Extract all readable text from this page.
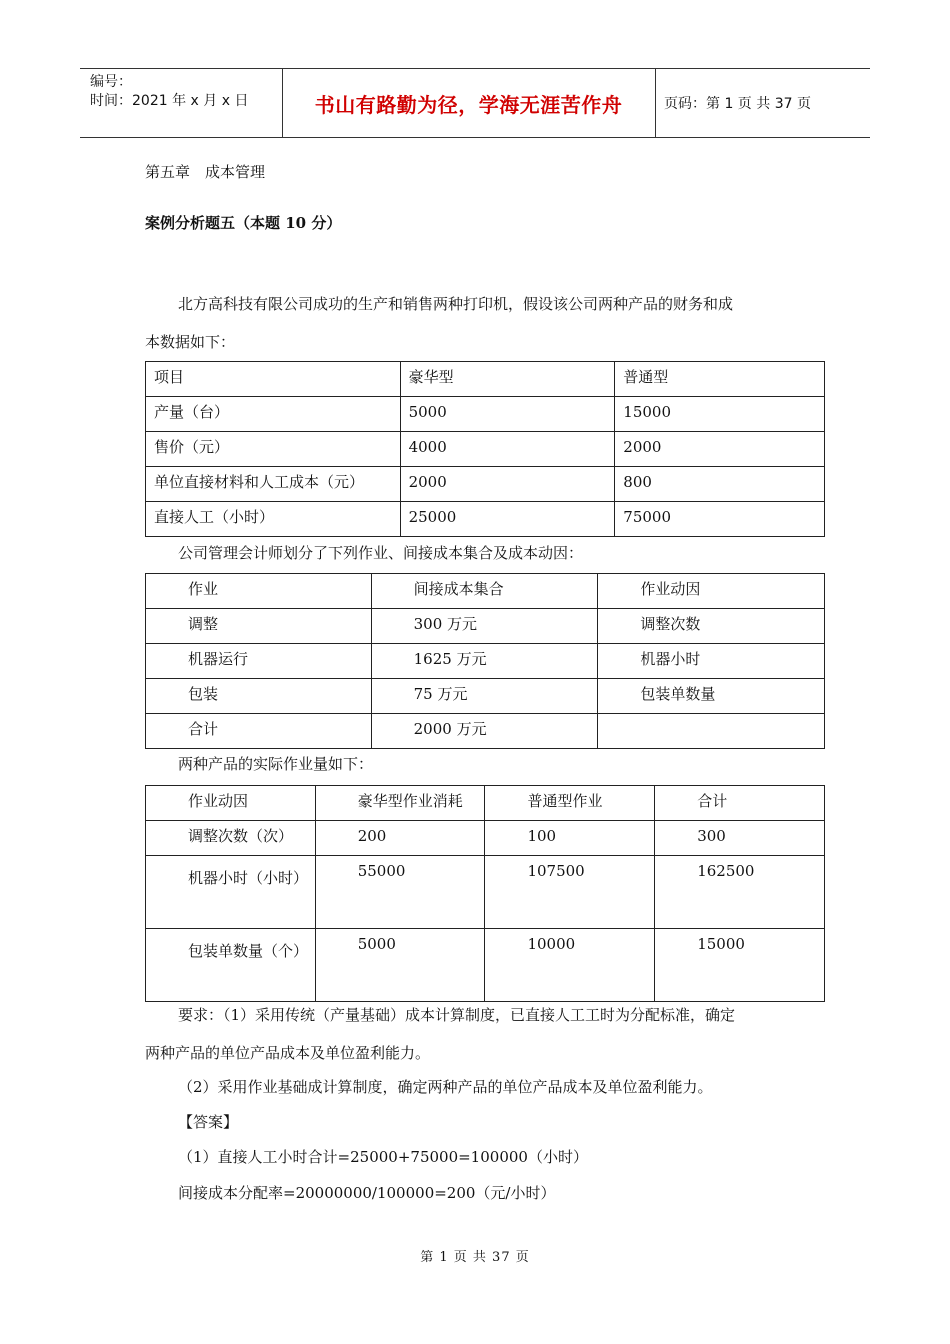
编号：
时间：2021 年 x 月 x 日	书山有路勤为径，学海无涯苦作舟	页码：第 1 页 共 37 页
第五章　成本管理
案例分析题五（本题 10 分）
北方高科技有限公司成功的生产和销售两种打印机，假设该公司两种产品的财务和成
本数据如下：
项目	豪华型	普通型
产量（台）	5000	15000
售价（元）	4000	2000
单位直接材料和人工成本（元）	2000	800
直接人工（小时）	25000	75000
公司管理会计师划分了下列作业、间接成本集合及成本动因：
作业	间接成本集合	作业动因
调整	300 万元	调整次数
机器运行	1625 万元	机器小时
包装	75 万元	包装单数量
合计	2000 万元	
两种产品的实际作业量如下：
作业动因	豪华型作业消耗	普通型作业	合计
调整次数（次）	200	100	300
机器小时（小时）	55000	107500	162500
包装单数量（个）	5000	10000	15000
要求：（1）采用传统（产量基础）成本计算制度，已直接人工工时为分配标准，确定
两种产品的单位产品成本及单位盈利能力。
（2）采用作业基础成计算制度，确定两种产品的单位产品成本及单位盈利能力。
【答案】
（1）直接人工小时合计=25000+75000=100000（小时）
间接成本分配率=20000000/100000=200（元/小时）
第 1 页 共 37 页
